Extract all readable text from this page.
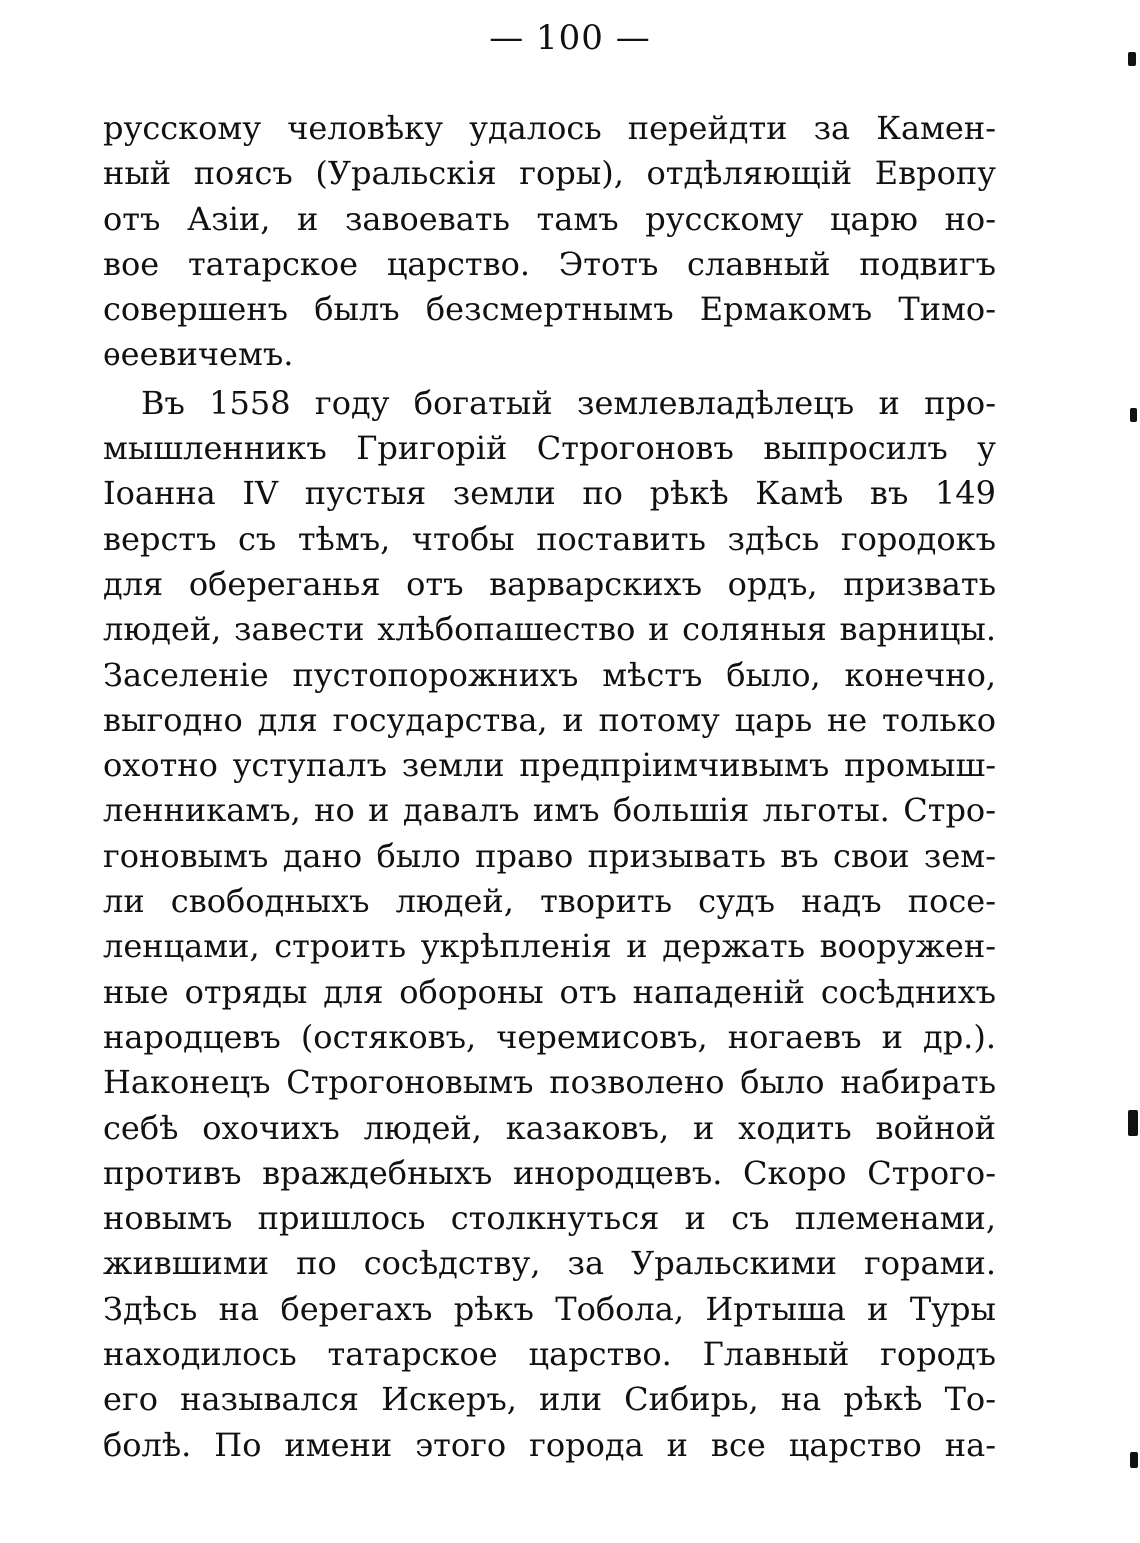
— 100 —
русскому человѣку удалось перейдти за Камен-
ный поясъ (Уральскія горы), отдѣляющій Европу
отъ Азіи, и завоевать тамъ русскому царю но-
вое татарское царство. Этотъ славный подвигъ
совершенъ былъ безсмертнымъ Ермакомъ Тимо-
ѳеевичемъ.
Въ 1558 году богатый землевладѣлецъ и про-
мышленникъ Григорій Строгоновъ выпросилъ у
Іоанна IV пустыя земли по рѣкѣ Камѣ въ 149
верстъ съ тѣмъ, чтобы поставить здѣсь городокъ
для обереганья отъ варварскихъ ордъ, призвать
людей, завести хлѣбопашество и соляныя варницы.
Заселеніе пустопорожнихъ мѣстъ было, конечно,
выгодно для государства, и потому царь не только
охотно уступалъ земли предпріимчивымъ промыш-
ленникамъ, но и давалъ имъ большія льготы. Стро-
гоновымъ дано было право призывать въ свои зем-
ли свободныхъ людей, творить судъ надъ посе-
ленцами, строить укрѣпленія и держать вооружен-
ные отряды для обороны отъ нападеній сосѣднихъ
народцевъ (остяковъ, черемисовъ, ногаевъ и др.).
Наконецъ Строгоновымъ позволено было набирать
себѣ охочихъ людей, казаковъ, и ходить войной
противъ враждебныхъ инородцевъ. Скоро Строго-
новымъ пришлось столкнуться и съ племенами,
жившими по сосѣдству, за Уральскими горами.
Здѣсь на берегахъ рѣкъ Тобола, Иртыша и Туры
находилось татарское царство. Главный городъ
его назывался Искеръ, или Сибирь, на рѣкѣ То-
болѣ. По имени этого города и все царство на-
